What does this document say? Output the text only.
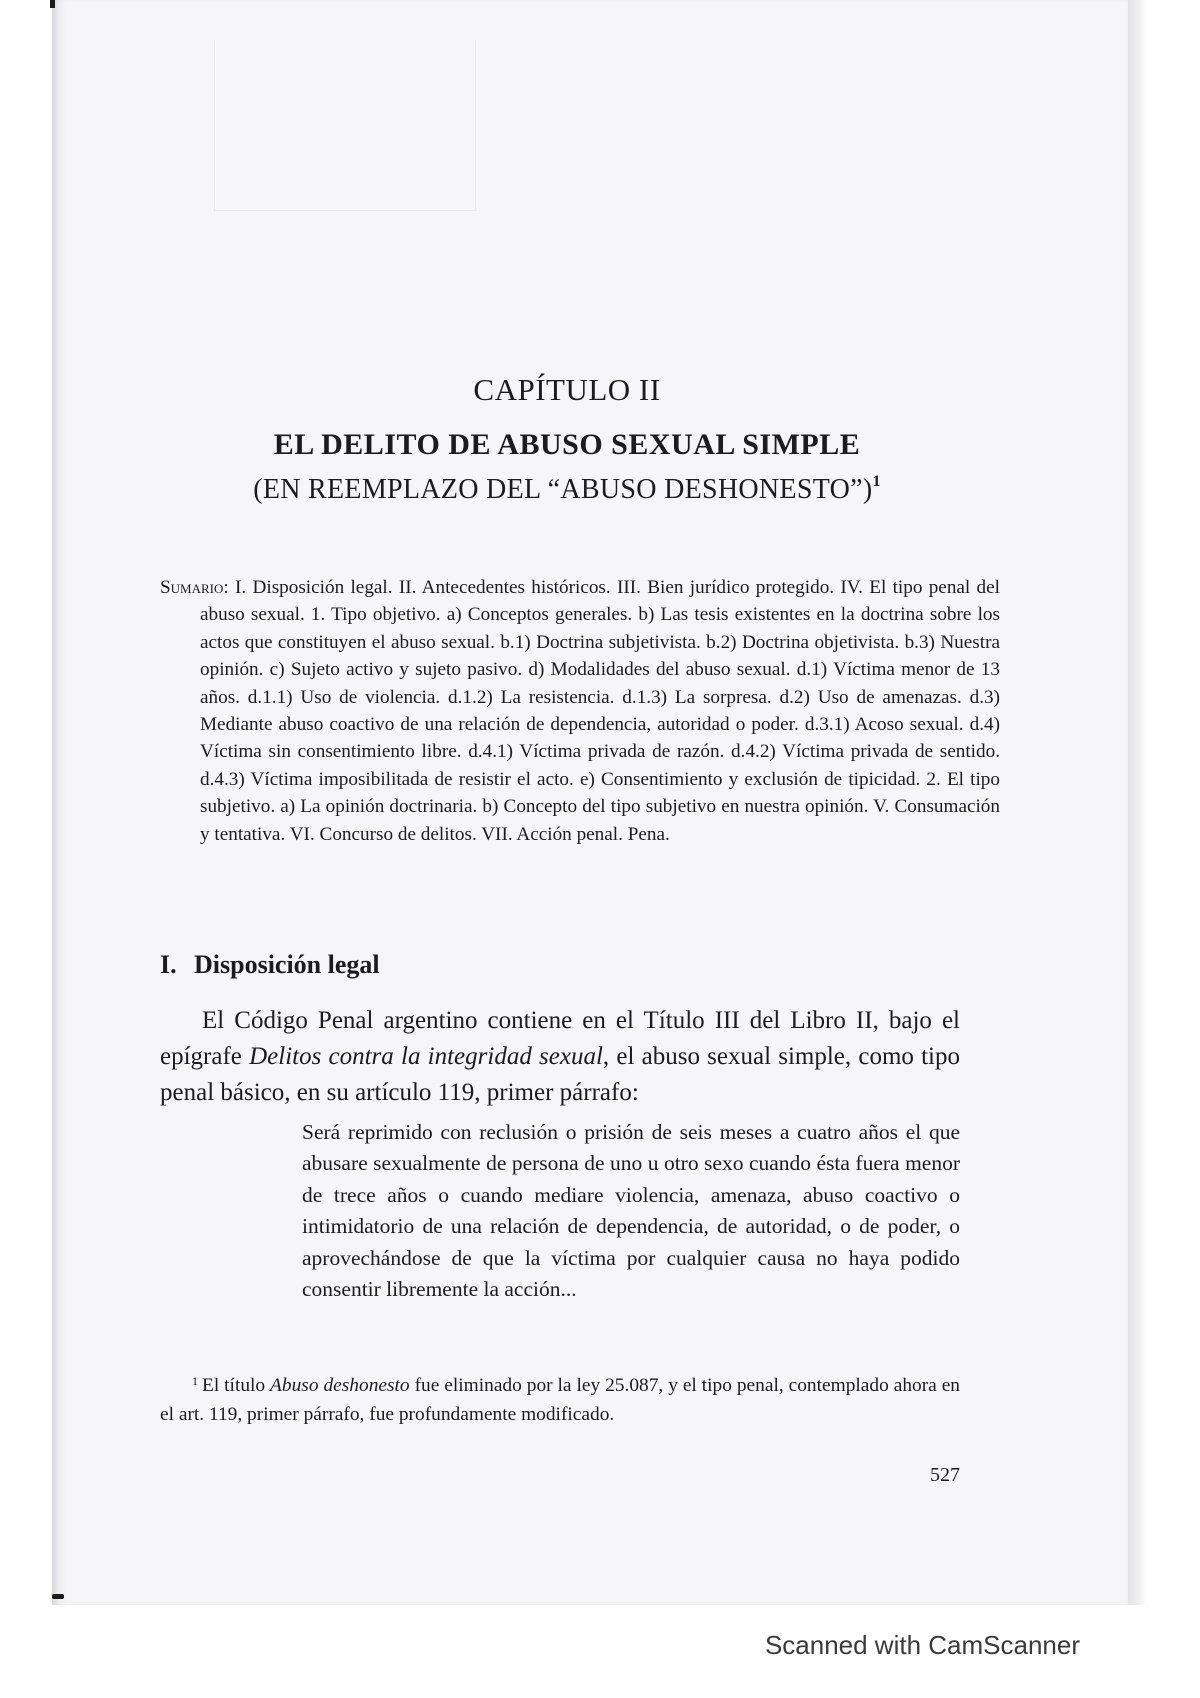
CAPÍTULO II
EL DELITO DE ABUSO SEXUAL SIMPLE
(EN REEMPLAZO DEL “ABUSO DESHONESTO”)$^1$

Sumario: I. Disposición legal. II. Antecedentes históricos. III. Bien jurídico protegido. IV. El tipo penal del abuso sexual. 1. Tipo objetivo. a) Conceptos generales. b) Las tesis existentes en la doctrina sobre los actos que constituyen el abuso sexual. b.1) Doctrina subjetivista. b.2) Doctrina objetivista. b.3) Nuestra opinión. c) Sujeto activo y sujeto pasivo. d) Modalidades del abuso sexual. d.1) Víctima menor de 13 años. d.1.1) Uso de violencia. d.1.2) La resistencia. d.1.3) La sorpresa. d.2) Uso de amenazas. d.3) Mediante abuso coactivo de una relación de dependencia, autoridad o poder. d.3.1) Acoso sexual. d.4) Víctima sin consentimiento libre. d.4.1) Víctima privada de razón. d.4.2) Víctima privada de sentido. d.4.3) Víctima imposibilitada de resistir el acto. e) Consentimiento y exclusión de tipicidad. 2. El tipo subjetivo. a) La opinión doctrinaria. b) Concepto del tipo subjetivo en nuestra opinión. V. Consumación y tentativa. VI. Concurso de delitos. VII. Acción penal. Pena.

I. Disposición legal

El Código Penal argentino contiene en el Título III del Libro II, bajo el epígrafe Delitos contra la integridad sexual, el abuso sexual simple, como tipo penal básico, en su artículo 119, primer párrafo:

Será reprimido con reclusión o prisión de seis meses a cuatro años el que abusare sexualmente de persona de uno u otro sexo cuando ésta fuera menor de trece años o cuando mediare violencia, amenaza, abuso coactivo o intimidatorio de una relación de dependencia, de autoridad, o de poder, o aprovechándose de que la víctima por cualquier causa no haya podido consentir libremente la acción...

$^1$ El título Abuso deshonesto fue eliminado por la ley 25.087, y el tipo penal, contemplado ahora en el art. 119, primer párrafo, fue profundamente modificado.

527

Scanned with CamScanner
